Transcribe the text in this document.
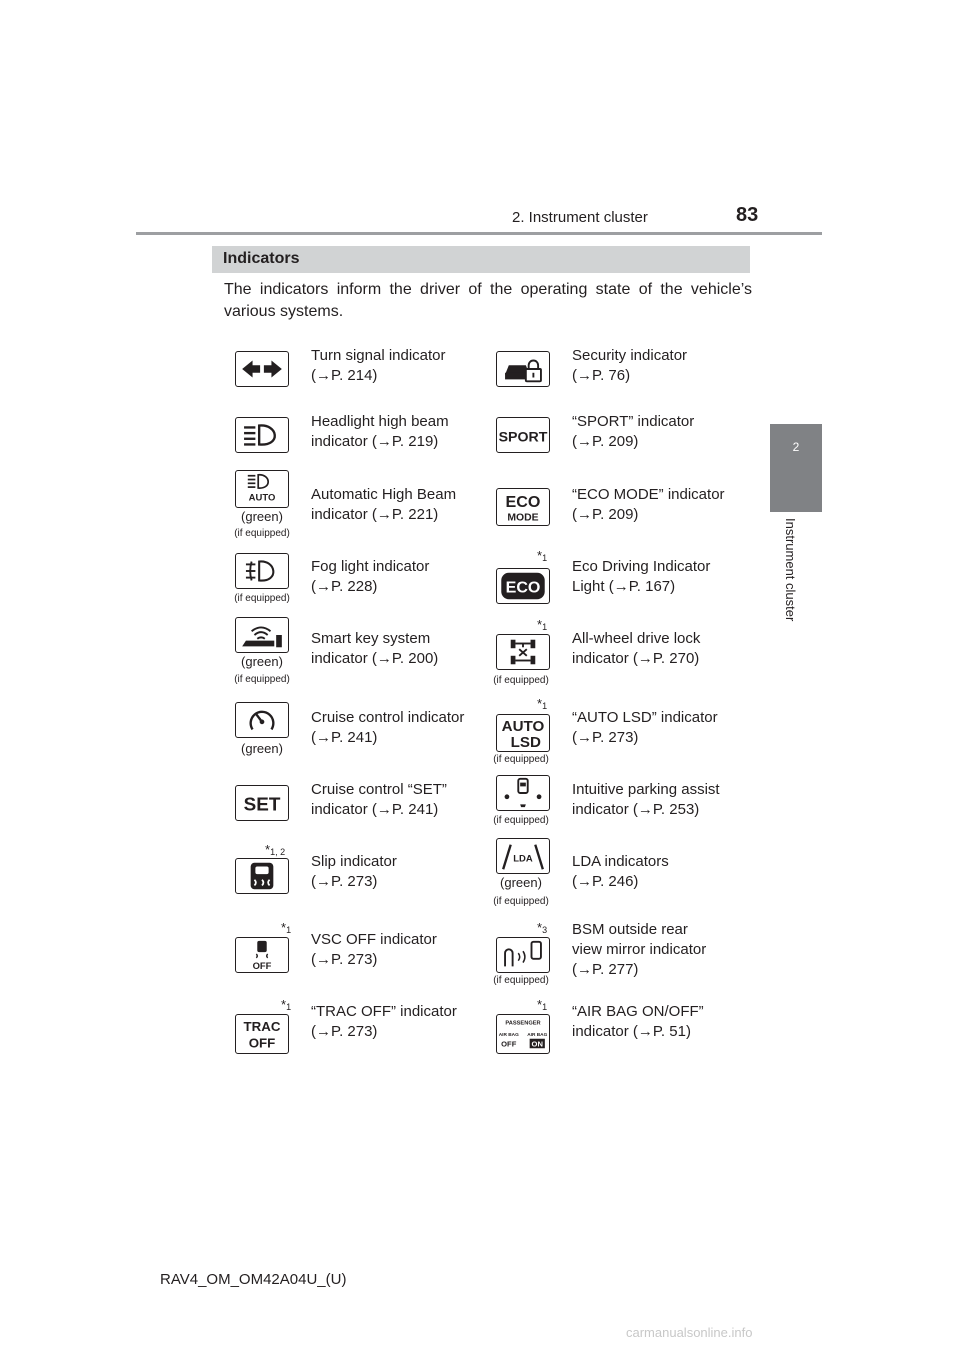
2. Instrument cluster	83
2
Instrument cluster
Indicators
The indicators inform the driver of the operating state of the vehicle’s various systems.
Turn signal indicator
(→P. 214)
Headlight high beam
indicator (→P. 219)
AUTO
(green)
(if equipped)
Automatic High Beam
indicator (→P. 221)
(if equipped)
Fog light indicator
(→P. 228)
(green)
(if equipped)
Smart key system
indicator (→P. 200)
(green)
Cruise control indicator
(→P. 241)
SET
Cruise control “SET”
indicator (→P. 241)
$*_{1, 2}$
Slip indicator
(→P. 273)
$*_1$
OFF
VSC OFF indicator
(→P. 273)
$*_1$
TRAC
OFF
“TRAC OFF” indicator
(→P. 273)
Security indicator
(→P. 76)
SPORT
“SPORT” indicator
(→P. 209)
ECO
MODE
“ECO MODE” indicator
(→P. 209)
$*_1$
ECO
Eco Driving Indicator
Light (→P. 167)
$*_1$
(if equipped)
All-wheel drive lock
indicator (→P. 270)
$*_1$
AUTO
LSD
(if equipped)
“AUTO LSD” indicator
(→P. 273)
(if equipped)
Intuitive parking assist
indicator (→P. 253)
LDA
(green)
(if equipped)
LDA indicators
(→P. 246)
$*_3$
(if equipped)
BSM outside rear
view mirror indicator
(→P. 277)
$*_1$
PASSENGER
AIR BAG AIR BAG
OFF ON
“AIR BAG ON/OFF”
indicator (→P. 51)
RAV4_OM_OM42A04U_(U)
carmanualsonline.info
